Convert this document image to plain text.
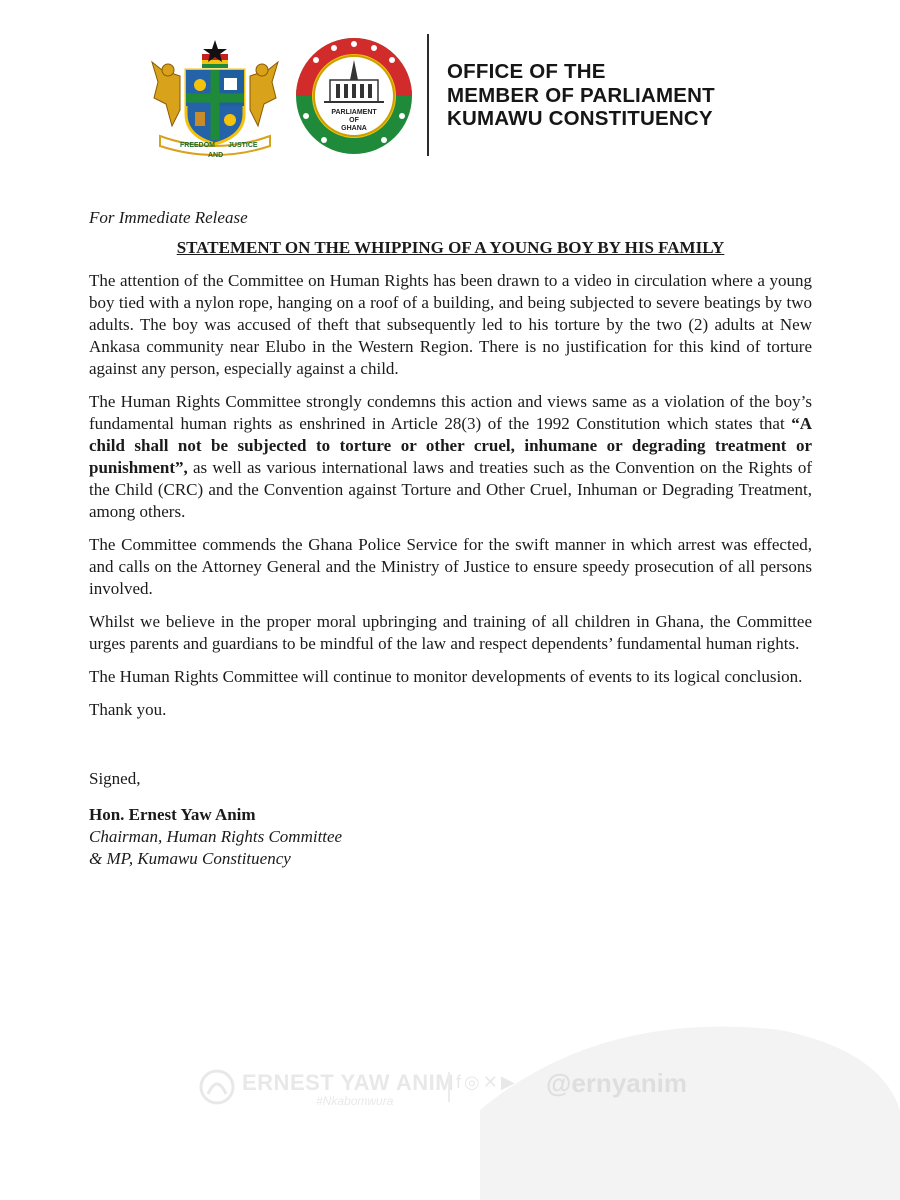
FREEDOM JUSTICE
AND
PARLIAMENT
OF
GHANA
OFFICE OF THE
MEMBER OF PARLIAMENT
KUMAWU CONSTITUENCY

For Immediate Release

STATEMENT ON THE WHIPPING OF A YOUNG BOY BY HIS FAMILY

The attention of the Committee on Human Rights has been drawn to a video in circulation where a young boy tied with a nylon rope, hanging on a roof of a building, and being subjected to severe beatings by two adults. The boy was accused of theft that subsequently led to his torture by the two (2) adults at New Ankasa community near Elubo in the Western Region. There is no justification for this kind of torture against any person, especially against a child.

The Human Rights Committee strongly condemns this action and views same as a violation of the boy’s fundamental human rights as enshrined in Article 28(3) of the 1992 Constitution which states that “A child shall not be subjected to torture or other cruel, inhumane or degrading treatment or punishment”, as well as various international laws and treaties such as the Convention on the Rights of the Child (CRC) and the Convention against Torture and Other Cruel, Inhuman or Degrading Treatment, among others.

The Committee commends the Ghana Police Service for the swift manner in which arrest was effected, and calls on the Attorney General and the Ministry of Justice to ensure speedy prosecution of all persons involved.

Whilst we believe in the proper moral upbringing and training of all children in Ghana, the Committee urges parents and guardians to be mindful of the law and respect dependents’ fundamental human rights.

The Human Rights Committee will continue to monitor developments of events to its logical conclusion.

Thank you.

Signed,

Hon. Ernest Yaw Anim

Chairman, Human Rights Committee

& MP, Kumawu Constituency

ERNEST YAW ANIM
#Nkabomwura
f◎✕▶ @ernyanim
